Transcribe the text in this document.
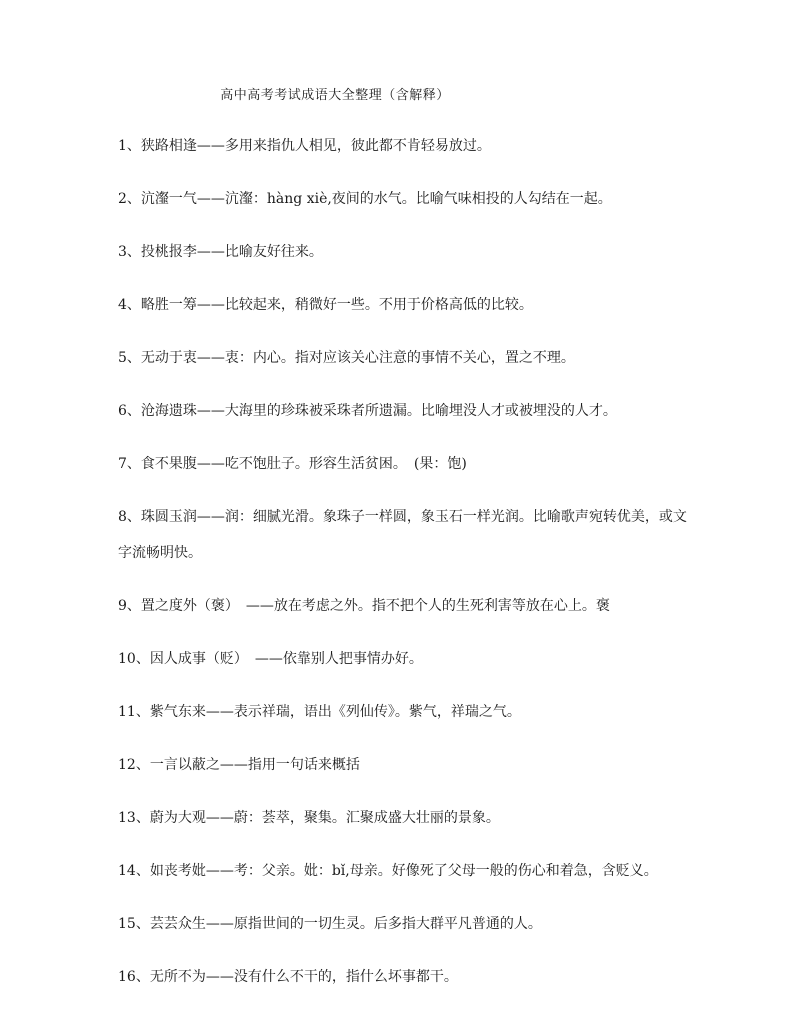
高中高考考试成语大全整理（含解释）

1、狭路相逢——多用来指仇人相见，彼此都不肯轻易放过。

2、沆瀣一气——沆瀣：hàng xiè,夜间的水气。比喻气味相投的人勾结在一起。

3、投桃报李——比喻友好往来。

4、略胜一筹——比较起来，稍微好一些。不用于价格高低的比较。

5、无动于衷——衷：内心。指对应该关心注意的事情不关心，置之不理。

6、沧海遗珠——大海里的珍珠被采珠者所遗漏。比喻埋没人才或被埋没的人才。

7、食不果腹——吃不饱肚子。形容生活贫困。　(果：饱)

8、珠圆玉润——润：细腻光滑。象珠子一样圆，象玉石一样光润。比喻歌声宛转优美，或文字流畅明快。

9、置之度外（褒）　——放在考虑之外。指不把个人的生死利害等放在心上。褒

10、因人成事（贬）　——依靠别人把事情办好。

11、紫气东来——表示祥瑞，语出《列仙传》。紫气，祥瑞之气。

12、一言以蔽之——指用一句话来概括

13、蔚为大观——蔚：荟萃，聚集。汇聚成盛大壮丽的景象。

14、如丧考妣——考：父亲。妣：bǐ,母亲。好像死了父母一般的伤心和着急，含贬义。

15、芸芸众生——原指世间的一切生灵。后多指大群平凡普通的人。

16、无所不为——没有什么不干的，指什么坏事都干。
